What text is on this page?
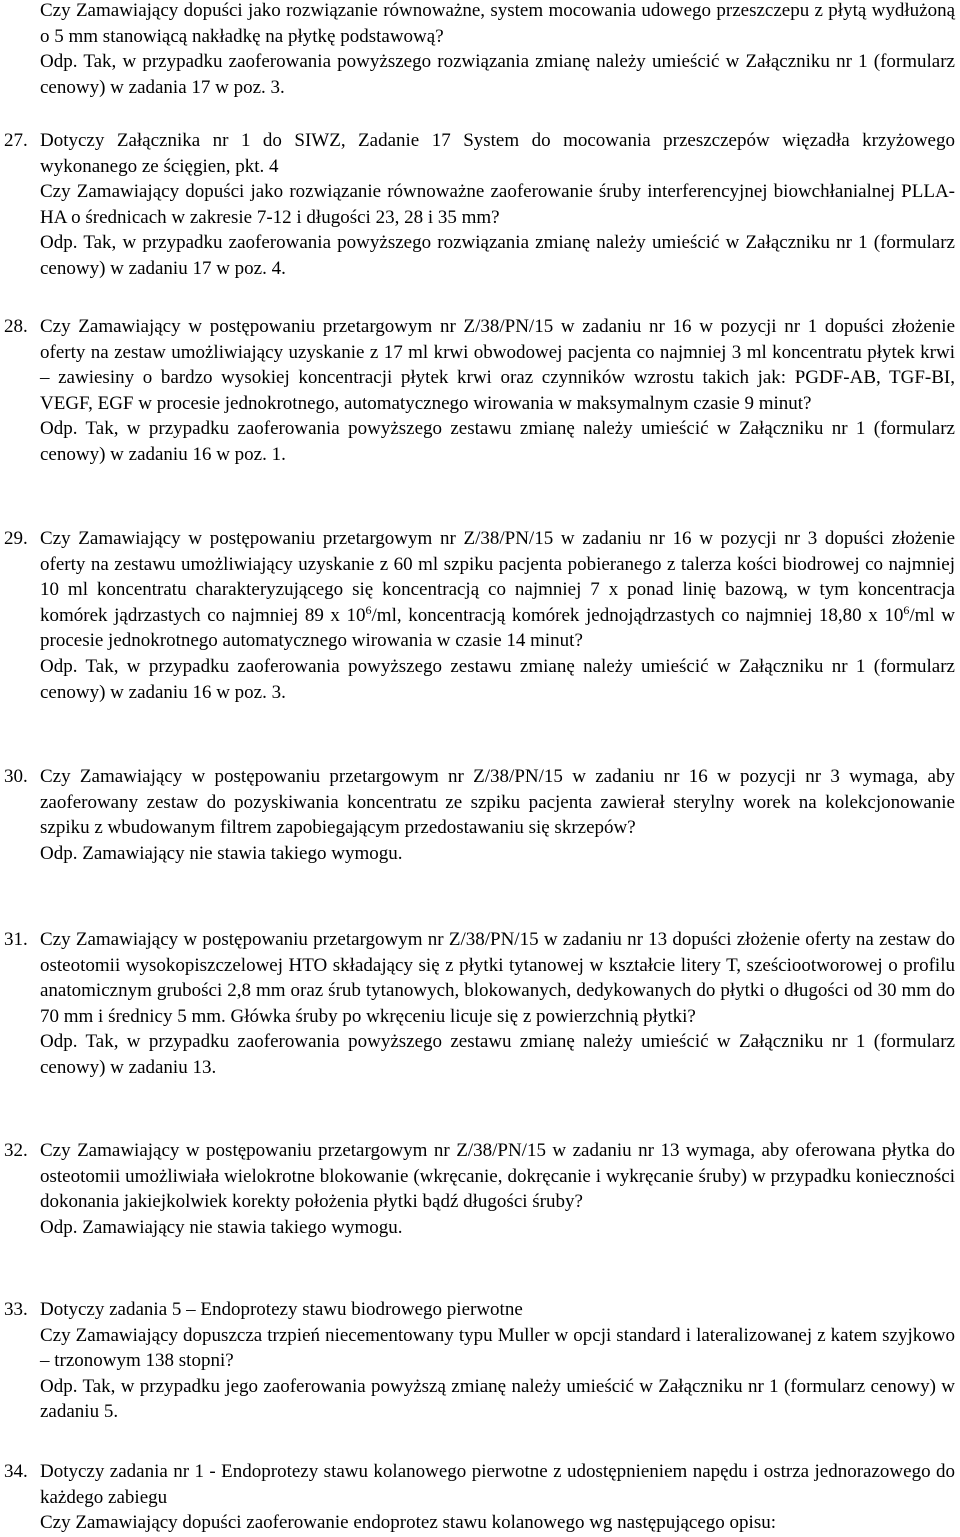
Czy Zamawiający dopuści jako rozwiązanie równoważne, system mocowania udowego przeszczepu z płytą wydłużoną o 5 mm stanowiącą nakładkę na płytkę podstawową?

Odp. Tak, w przypadku zaoferowania powyższego rozwiązania zmianę należy umieścić w Załączniku nr 1 (formularz cenowy) w zadania 17 w poz. 3.

27. Dotyczy Załącznika nr 1 do SIWZ, Zadanie 17 System do mocowania przeszczepów więzadła krzyżowego wykonanego ze ścięgien, pkt. 4

Czy Zamawiający dopuści jako rozwiązanie równoważne zaoferowanie śruby interferencyjnej biowchłanialnej PLLA-HA o średnicach w zakresie 7-12 i długości 23, 28 i 35 mm?

Odp. Tak, w przypadku zaoferowania powyższego rozwiązania zmianę należy umieścić w Załączniku nr 1 (formularz cenowy) w zadaniu 17 w poz. 4.

28. Czy Zamawiający w postępowaniu przetargowym nr Z/38/PN/15 w zadaniu nr 16 w pozycji nr 1 dopuści złożenie oferty na zestaw umożliwiający uzyskanie z 17 ml krwi obwodowej pacjenta co najmniej 3 ml koncentratu płytek krwi – zawiesiny o bardzo wysokiej koncentracji płytek krwi oraz czynników wzrostu takich jak: PGDF-AB, TGF-BI, VEGF, EGF w procesie jednokrotnego, automatycznego wirowania w maksymalnym czasie 9 minut?

Odp. Tak, w przypadku zaoferowania powyższego zestawu zmianę należy umieścić w Załączniku nr 1 (formularz cenowy) w zadaniu 16 w poz. 1.

29. Czy Zamawiający w postępowaniu przetargowym nr Z/38/PN/15 w zadaniu nr 16 w pozycji nr 3 dopuści złożenie oferty na zestawu umożliwiający uzyskanie z 60 ml szpiku pacjenta pobieranego z talerza kości biodrowej co najmniej 10 ml koncentratu charakteryzującego się koncentracją co najmniej 7 x ponad linię bazową, w tym koncentracja komórek jądrzastych co najmniej 89 x $10^6/ml$, koncentracją komórek jednojądrzastych co najmniej 18,80 x $10^6/ml$ w procesie jednokrotnego automatycznego wirowania w czasie 14 minut?

Odp. Tak, w przypadku zaoferowania powyższego zestawu zmianę należy umieścić w Załączniku nr 1 (formularz cenowy) w zadaniu 16 w poz. 3.

30. Czy Zamawiający w postępowaniu przetargowym nr Z/38/PN/15 w zadaniu nr 16 w pozycji nr 3 wymaga, aby zaoferowany zestaw do pozyskiwania koncentratu ze szpiku pacjenta zawierał sterylny worek na kolekcjonowanie szpiku z wbudowanym filtrem zapobiegającym przedostawaniu się skrzepów?

Odp. Zamawiający nie stawia takiego wymogu.

31. Czy Zamawiający w postępowaniu przetargowym nr Z/38/PN/15 w zadaniu nr 13 dopuści złożenie oferty na zestaw do osteotomii wysokopiszczelowej HTO składający się z płytki tytanowej w kształcie litery T, sześciootworowej o profilu anatomicznym grubości 2,8 mm oraz śrub tytanowych, blokowanych, dedykowanych do płytki o długości od 30 mm do 70 mm i średnicy 5 mm. Główka śruby po wkręceniu licuje się z powierzchnią płytki?

Odp. Tak, w przypadku zaoferowania powyższego zestawu zmianę należy umieścić w Załączniku nr 1 (formularz cenowy) w zadaniu 13.

32. Czy Zamawiający w postępowaniu przetargowym nr Z/38/PN/15 w zadaniu nr 13 wymaga, aby oferowana płytka do osteotomii umożliwiała wielokrotne blokowanie (wkręcanie, dokręcanie i wykręcanie śruby) w przypadku konieczności dokonania jakiejkolwiek korekty położenia płytki bądź długości śruby?

Odp. Zamawiający nie stawia takiego wymogu.

33. Dotyczy zadania 5 – Endoprotezy stawu biodrowego pierwotne

Czy Zamawiający dopuszcza trzpień niecementowany typu Muller w opcji standard i lateralizowanej z katem szyjkowo – trzonowym 138 stopni?

Odp. Tak, w przypadku jego zaoferowania powyższą zmianę należy umieścić w Załączniku nr 1 (formularz cenowy) w zadaniu 5.

34. Dotyczy zadania nr 1 - Endoprotezy stawu kolanowego pierwotne z udostępnieniem napędu i ostrza jednorazowego do każdego zabiegu

Czy Zamawiający dopuści zaoferowanie endoprotez stawu kolanowego wg następującego opisu:
